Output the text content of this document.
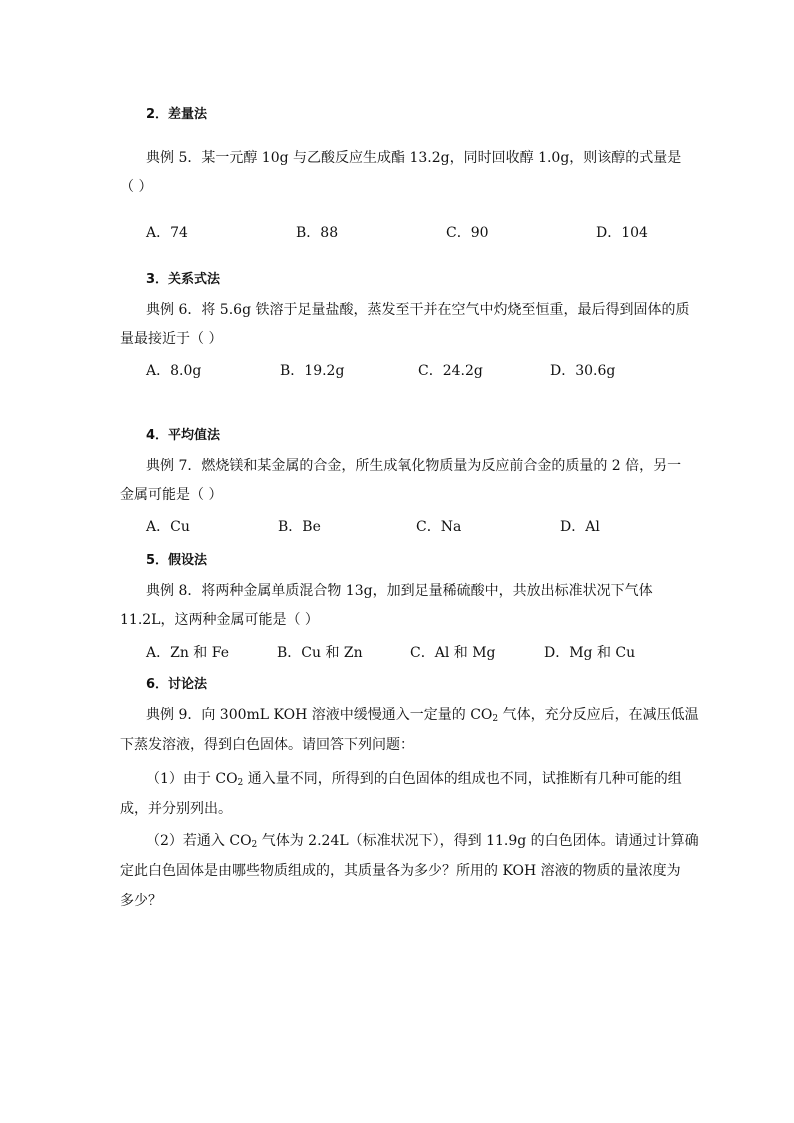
2．差量法
典例 5．某一元醇 10g 与乙酸反应生成酯 13.2g，同时回收醇 1.0g，则该醇的式量是
（ ）
A．74	B．88	C．90	D．104
3．关系式法
典例 6．将 5.6g 铁溶于足量盐酸，蒸发至干并在空气中灼烧至恒重，最后得到固体的质
量最接近于（ ）
A．8.0g	B．19.2g	C．24.2g	D．30.6g
4．平均值法
典例 7．燃烧镁和某金属的合金，所生成氧化物质量为反应前合金的质量的 2 倍，另一
金属可能是（ ）
A．Cu	B．Be	C．Na	D．Al
5．假设法
典例 8．将两种金属单质混合物 13g，加到足量稀硫酸中，共放出标准状况下气体
11.2L，这两种金属可能是（ ）
A．Zn 和 Fe	B．Cu 和 Zn	C．Al 和 Mg	D．Mg 和 Cu
6．讨论法
典例 9．向 300mL KOH 溶液中缓慢通入一定量的 $CO_2$ 气体，充分反应后，在减压低温
下蒸发溶液，得到白色固体。请回答下列问题：
（1）由于 $CO_2$ 通入量不同，所得到的白色固体的组成也不同，试推断有几种可能的组
成，并分别列出。
（2）若通入 $CO_2$ 气体为 2.24L（标准状况下），得到 11.9g 的白色团体。请通过计算确
定此白色固体是由哪些物质组成的，其质量各为多少？所用的 KOH 溶液的物质的量浓度为
多少？
